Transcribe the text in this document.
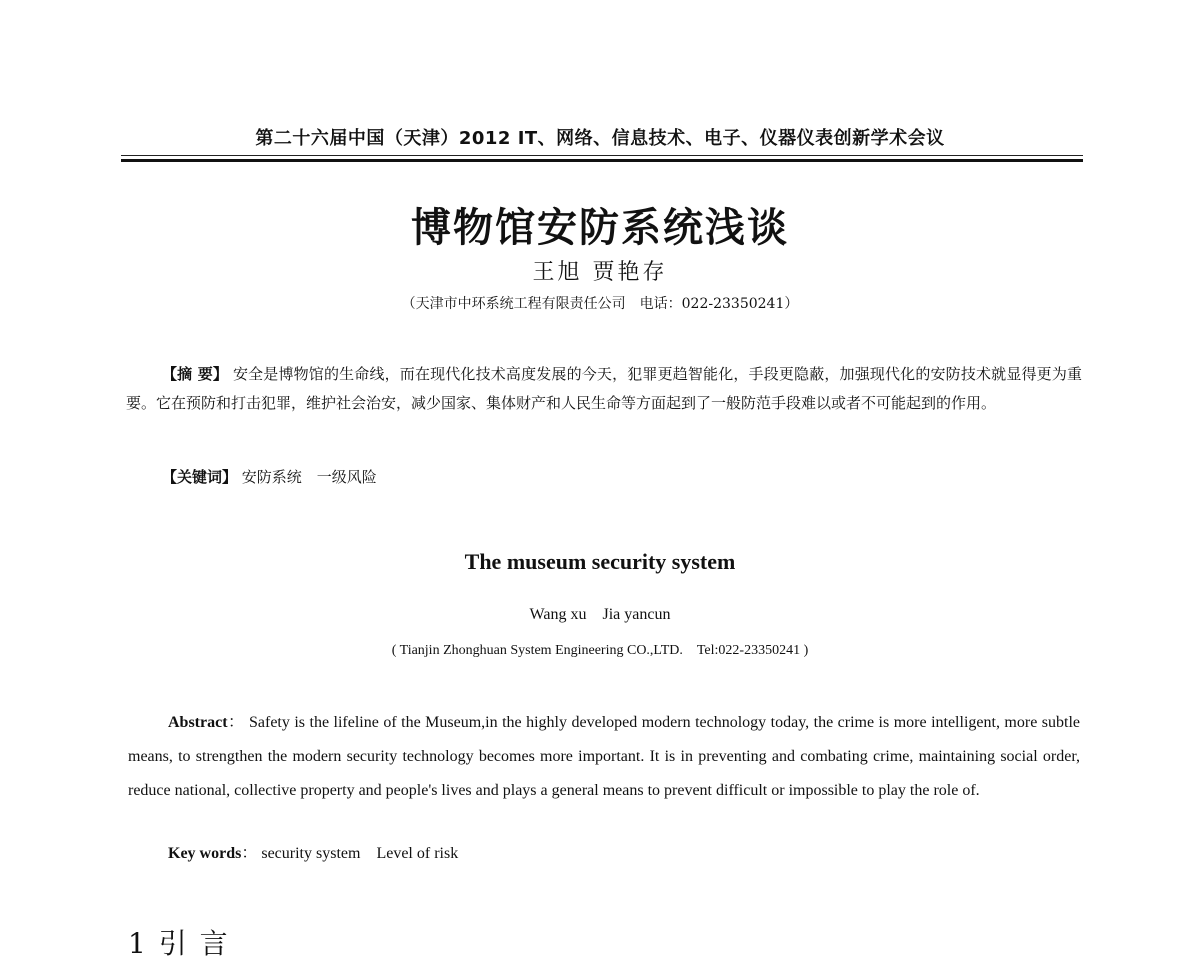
第二十六届中国（天津）2012 IT、网络、信息技术、电子、仪器仪表创新学术会议
博物馆安防系统浅谈
王旭 贾艳存
（天津市中环系统工程有限责任公司　电话：022-23350241）
【摘 要】 安全是博物馆的生命线，而在现代化技术高度发展的今天，犯罪更趋智能化，手段更隐蔽，加强现代化的安防技术就显得更为重要。它在预防和打击犯罪，维护社会治安，减少国家、集体财产和人民生命等方面起到了一般防范手段难以或者不可能起到的作用。
【关键词】 安防系统　一级风险
The museum security system
Wang xu　Jia yancun
( Tianjin Zhonghuan System Engineering CO.,LTD.　Tel:022-23350241 )
Abstract： Safety is the lifeline of the Museum,in the highly developed modern technology today, the crime is more intelligent, more subtle means, to strengthen the modern security technology becomes more important. It is in preventing and combating crime, maintaining social order, reduce national, collective property and people's lives and plays a general means to prevent difficult or impossible to play the role of.
Key words： security system　Level of risk
1 引 言
